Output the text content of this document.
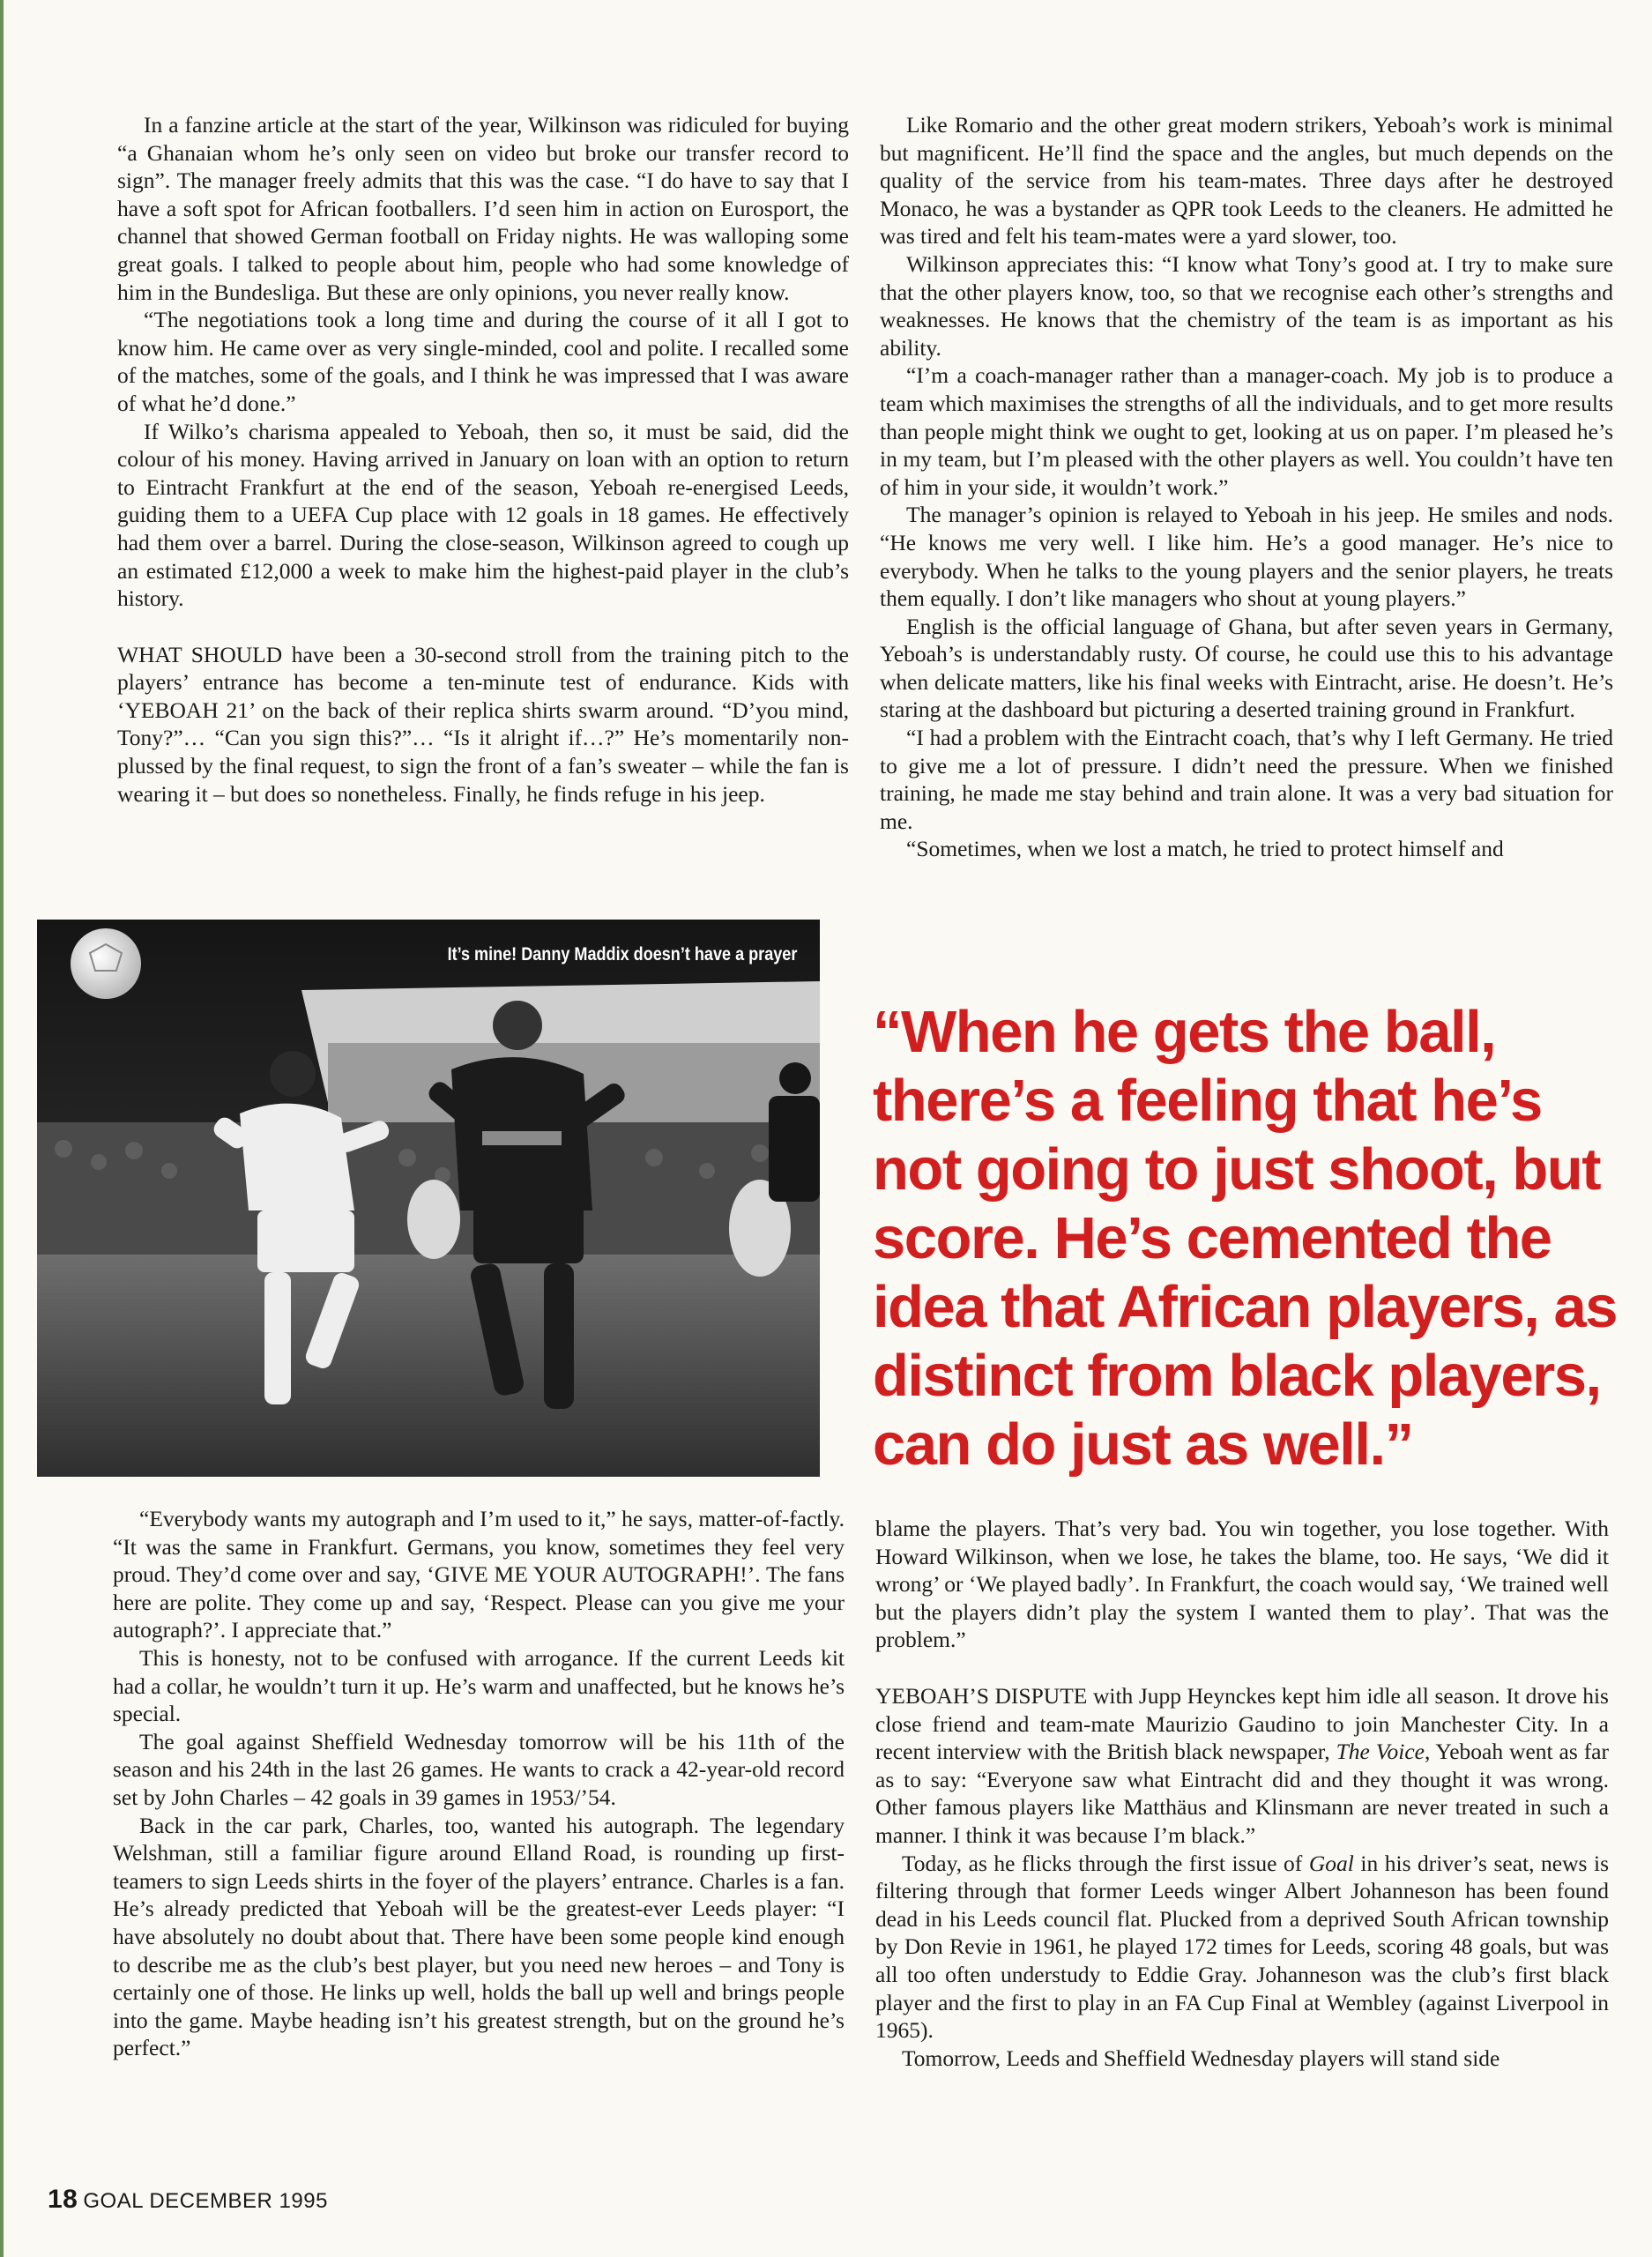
In a fanzine article at the start of the year, Wilkinson was ridiculed for buying “a Ghanaian whom he’s only seen on video but broke our transfer record to sign”. The manager freely admits that this was the case. “I do have to say that I have a soft spot for African footballers. I’d seen him in action on Eurosport, the channel that showed German football on Friday nights. He was walloping some great goals. I talked to people about him, people who had some knowledge of him in the Bundesliga. But these are only opinions, you never really know.

“The negotiations took a long time and during the course of it all I got to know him. He came over as very single-minded, cool and polite. I recalled some of the matches, some of the goals, and I think he was impressed that I was aware of what he’d done.”

If Wilko’s charisma appealed to Yeboah, then so, it must be said, did the colour of his money. Having arrived in January on loan with an option to return to Eintracht Frankfurt at the end of the season, Yeboah re-energised Leeds, guiding them to a UEFA Cup place with 12 goals in 18 games. He effectively had them over a barrel. During the close-season, Wilkinson agreed to cough up an estimated £12,000 a week to make him the highest-paid player in the club’s history.

WHAT SHOULD have been a 30-second stroll from the training pitch to the players’ entrance has become a ten-minute test of endurance. Kids with ‘YEBOAH 21’ on the back of their replica shirts swarm around. “D’you mind, Tony?”… “Can you sign this?”… “Is it alright if…?” He’s momentarily non-plussed by the final request, to sign the front of a fan’s sweater – while the fan is wearing it – but does so nonetheless. Finally, he finds refuge in his jeep.

It’s mine! Danny Maddix doesn’t have a prayer

“Everybody wants my autograph and I’m used to it,” he says, matter-of-factly. “It was the same in Frankfurt. Germans, you know, sometimes they feel very proud. They’d come over and say, ‘GIVE ME YOUR AUTOGRAPH!’. The fans here are polite. They come up and say, ‘Respect. Please can you give me your autograph?’. I appreciate that.”

This is honesty, not to be confused with arrogance. If the current Leeds kit had a collar, he wouldn’t turn it up. He’s warm and unaffected, but he knows he’s special.

The goal against Sheffield Wednesday tomorrow will be his 11th of the season and his 24th in the last 26 games. He wants to crack a 42-year-old record set by John Charles – 42 goals in 39 games in 1953/’54.

Back in the car park, Charles, too, wanted his autograph. The legendary Welshman, still a familiar figure around Elland Road, is rounding up first-teamers to sign Leeds shirts in the foyer of the players’ entrance. Charles is a fan. He’s already predicted that Yeboah will be the greatest-ever Leeds player: “I have absolutely no doubt about that. There have been some people kind enough to describe me as the club’s best player, but you need new heroes – and Tony is certainly one of those. He links up well, holds the ball up well and brings people into the game. Maybe heading isn’t his greatest strength, but on the ground he’s perfect.”

Like Romario and the other great modern strikers, Yeboah’s work is minimal but magnificent. He’ll find the space and the angles, but much depends on the quality of the service from his team-mates. Three days after he destroyed Monaco, he was a bystander as QPR took Leeds to the cleaners. He admitted he was tired and felt his team-mates were a yard slower, too.

Wilkinson appreciates this: “I know what Tony’s good at. I try to make sure that the other players know, too, so that we recognise each other’s strengths and weaknesses. He knows that the chemistry of the team is as important as his ability.

“I’m a coach-manager rather than a manager-coach. My job is to produce a team which maximises the strengths of all the individuals, and to get more results than people might think we ought to get, looking at us on paper. I’m pleased he’s in my team, but I’m pleased with the other players as well. You couldn’t have ten of him in your side, it wouldn’t work.”

The manager’s opinion is relayed to Yeboah in his jeep. He smiles and nods. “He knows me very well. I like him. He’s a good manager. He’s nice to everybody. When he talks to the young players and the senior players, he treats them equally. I don’t like managers who shout at young players.”

English is the official language of Ghana, but after seven years in Germany, Yeboah’s is understandably rusty. Of course, he could use this to his advantage when delicate matters, like his final weeks with Eintracht, arise. He doesn’t. He’s staring at the dashboard but picturing a deserted training ground in Frankfurt.

“I had a problem with the Eintracht coach, that’s why I left Germany. He tried to give me a lot of pressure. I didn’t need the pressure. When we finished training, he made me stay behind and train alone. It was a very bad situation for me.

“Sometimes, when we lost a match, he tried to protect himself and

“When he gets the ball,
there’s a feeling that he’s
not going to just shoot, but
score. He’s cemented the
idea that African players, as
distinct from black players,
can do just as well.”

blame the players. That’s very bad. You win together, you lose together. With Howard Wilkinson, when we lose, he takes the blame, too. He says, ‘We did it wrong’ or ‘We played badly’. In Frankfurt, the coach would say, ‘We trained well but the players didn’t play the system I wanted them to play’. That was the problem.”

YEBOAH’S DISPUTE with Jupp Heynckes kept him idle all season. It drove his close friend and team-mate Maurizio Gaudino to join Manchester City. In a recent interview with the British black newspaper, The Voice, Yeboah went as far as to say: “Everyone saw what Eintracht did and they thought it was wrong. Other famous players like Matthäus and Klinsmann are never treated in such a manner. I think it was because I’m black.”

Today, as he flicks through the first issue of Goal in his driver’s seat, news is filtering through that former Leeds winger Albert Johanneson has been found dead in his Leeds council flat. Plucked from a deprived South African township by Don Revie in 1961, he played 172 times for Leeds, scoring 48 goals, but was all too often understudy to Eddie Gray. Johanneson was the club’s first black player and the first to play in an FA Cup Final at Wembley (against Liverpool in 1965).

Tomorrow, Leeds and Sheffield Wednesday players will stand side

18 GOAL DECEMBER 1995
